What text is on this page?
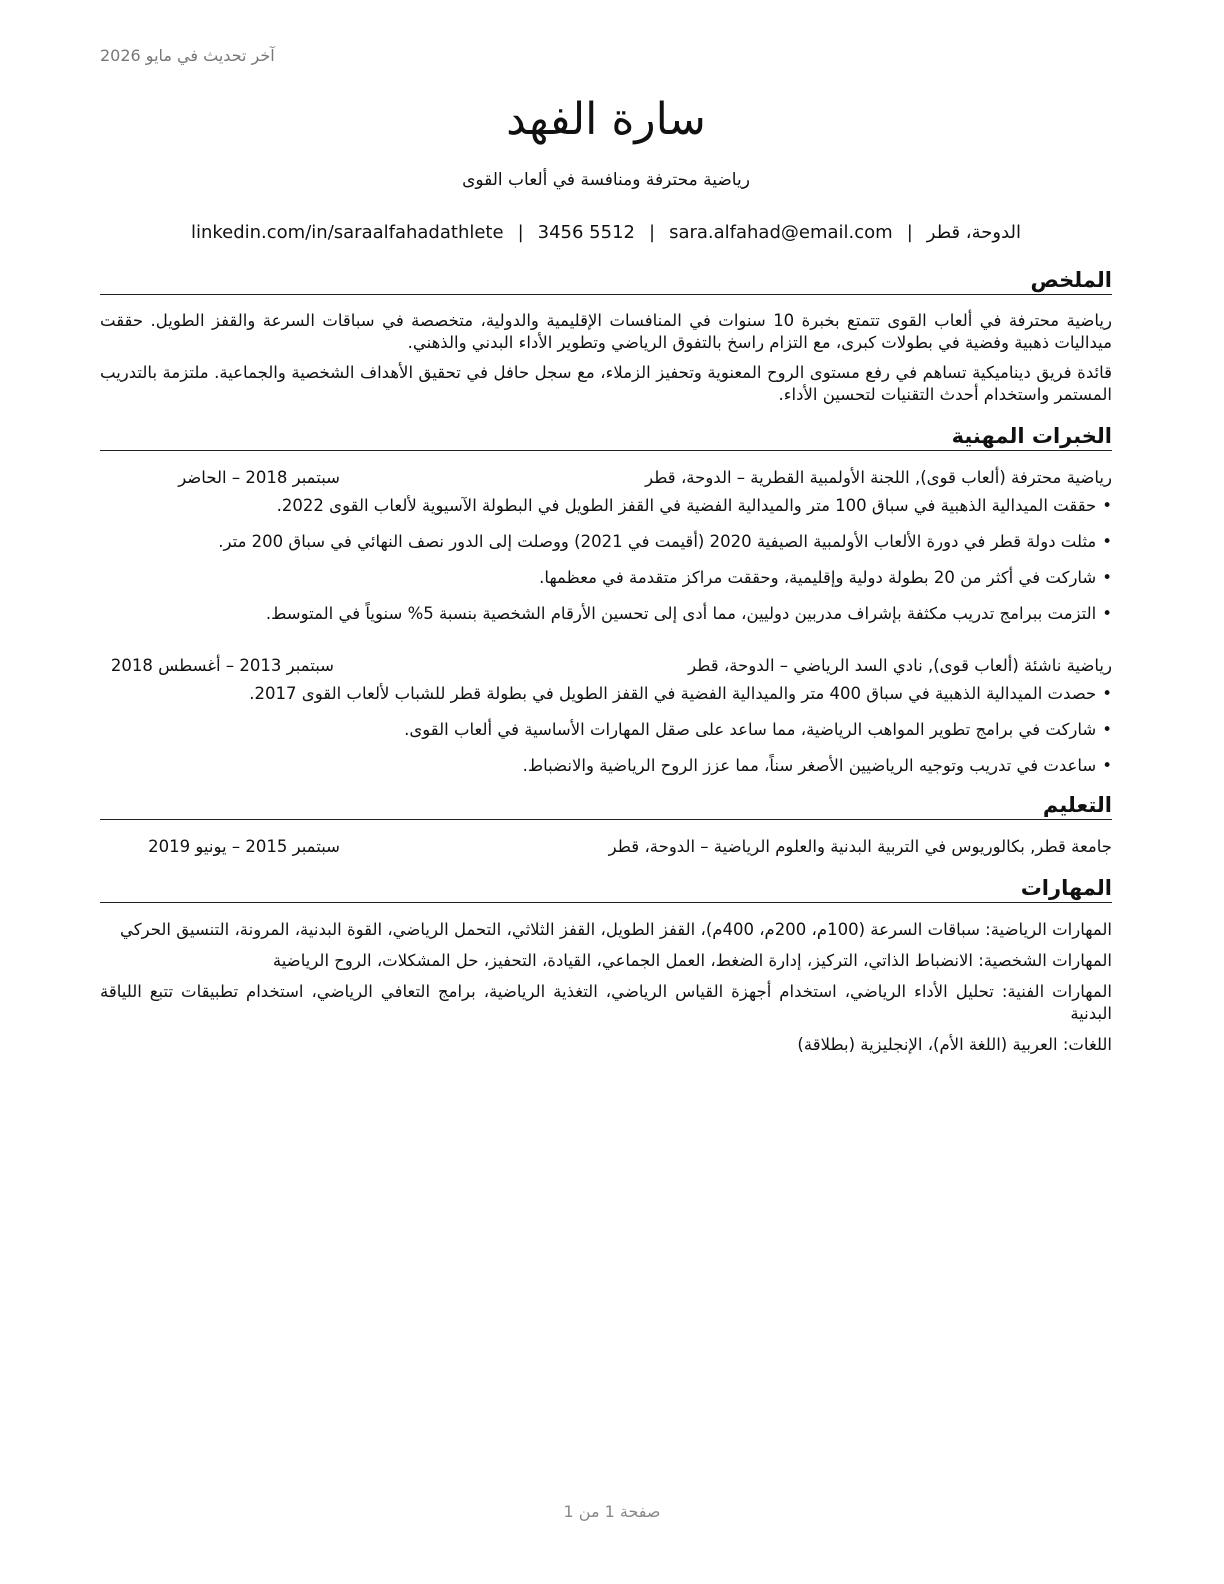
آخر تحديث في مايو 2026
سارة الفهد
رياضية محترفة ومنافسة في ألعاب القوى
الدوحة، قطر|sara.alfahad@email.com|3456 5512|linkedin.com/in/saraalfahadathlete
الملخص

رياضية محترفة في ألعاب القوى تتمتع بخبرة 10 سنوات في المنافسات الإقليمية والدولية، متخصصة في سباقات السرعة والقفز الطويل. حققت ميداليات ذهبية وفضية في بطولات كبرى، مع التزام راسخ بالتفوق الرياضي وتطوير الأداء البدني والذهني.

قائدة فريق ديناميكية تساهم في رفع مستوى الروح المعنوية وتحفيز الزملاء، مع سجل حافل في تحقيق الأهداف الشخصية والجماعية. ملتزمة بالتدريب المستمر واستخدام أحدث التقنيات لتحسين الأداء.

الخبرات المهنية
رياضية محترفة (ألعاب قوى), اللجنة الأولمبية القطرية – الدوحة، قطر
سبتمبر 2018 – الحاضر
•حققت الميدالية الذهبية في سباق 100 متر والميدالية الفضية في القفز الطويل في البطولة الآسيوية لألعاب القوى 2022.
•مثلت دولة قطر في دورة الألعاب الأولمبية الصيفية 2020 (أقيمت في 2021) ووصلت إلى الدور نصف النهائي في سباق 200 متر.
•شاركت في أكثر من 20 بطولة دولية وإقليمية، وحققت مراكز متقدمة في معظمها.
•التزمت ببرامج تدريب مكثفة بإشراف مدربين دوليين، مما أدى إلى تحسين الأرقام الشخصية بنسبة 5% سنوياً في المتوسط.
رياضية ناشئة (ألعاب قوى), نادي السد الرياضي – الدوحة، قطر
سبتمبر 2013 – أغسطس 2018
•حصدت الميدالية الذهبية في سباق 400 متر والميدالية الفضية في القفز الطويل في بطولة قطر للشباب لألعاب القوى 2017.
•شاركت في برامج تطوير المواهب الرياضية، مما ساعد على صقل المهارات الأساسية في ألعاب القوى.
•ساعدت في تدريب وتوجيه الرياضيين الأصغر سناً، مما عزز الروح الرياضية والانضباط.
التعليم
جامعة قطر, بكالوريوس في التربية البدنية والعلوم الرياضية – الدوحة، قطر
سبتمبر 2015 – يونيو 2019
المهارات

المهارات الرياضية: سباقات السرعة (100م، 200م، 400م)، القفز الطويل، القفز الثلاثي، التحمل الرياضي، القوة البدنية، المرونة، التنسيق الحركي

المهارات الشخصية: الانضباط الذاتي، التركيز، إدارة الضغط، العمل الجماعي، القيادة، التحفيز، حل المشكلات، الروح الرياضية

المهارات الفنية: تحليل الأداء الرياضي، استخدام أجهزة القياس الرياضي، التغذية الرياضية، برامج التعافي الرياضي، استخدام تطبيقات تتبع اللياقة البدنية

اللغات: العربية (اللغة الأم)، الإنجليزية (بطلاقة)

صفحة 1 من 1
